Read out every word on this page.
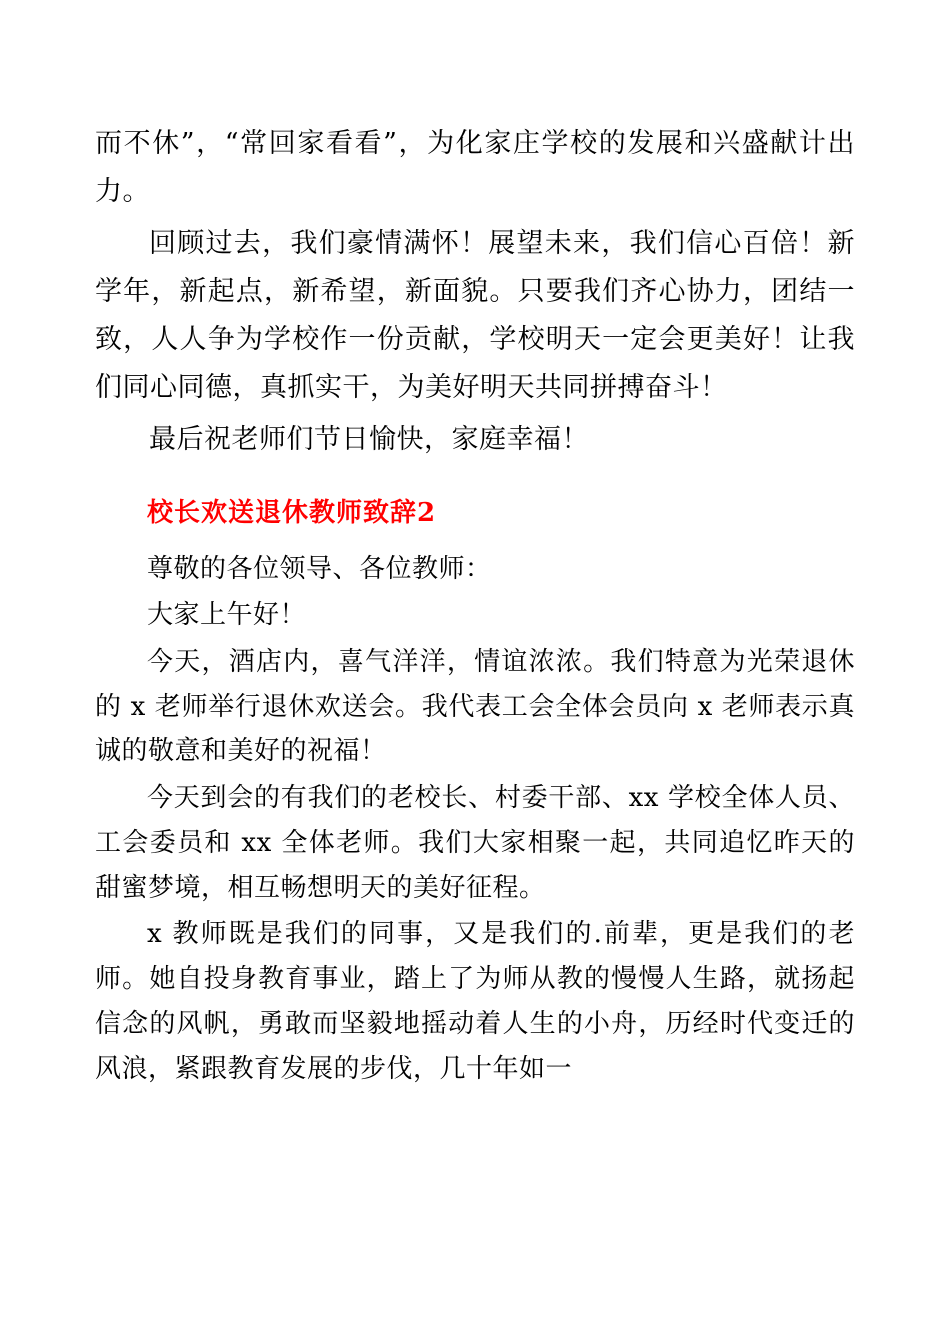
而不休”，“常回家看看”，为化家庄学校的发展和兴盛献计出力。

回顾过去，我们豪情满怀！展望未来，我们信心百倍！新学年，新起点，新希望，新面貌。只要我们齐心协力，团结一致，人人争为学校作一份贡献，学校明天一定会更美好！让我们同心同德，真抓实干，为美好明天共同拼搏奋斗！

最后祝老师们节日愉快，家庭幸福！

校长欢送退休教师致辞2

尊敬的各位领导、各位教师：

大家上午好！

今天，酒店内，喜气洋洋，情谊浓浓。我们特意为光荣退休的 x 老师举行退休欢送会。我代表工会全体会员向 x 老师表示真诚的敬意和美好的祝福！

今天到会的有我们的老校长、村委干部、xx 学校全体人员、工会委员和 xx 全体老师。我们大家相聚一起，共同追忆昨天的甜蜜梦境，相互畅想明天的美好征程。

x 教师既是我们的同事，又是我们的.前辈，更是我们的老师。她自投身教育事业，踏上了为师从教的慢慢人生路，就扬起信念的风帆，勇敢而坚毅地摇动着人生的小舟，历经时代变迁的风浪，紧跟教育发展的步伐，几十年如一
